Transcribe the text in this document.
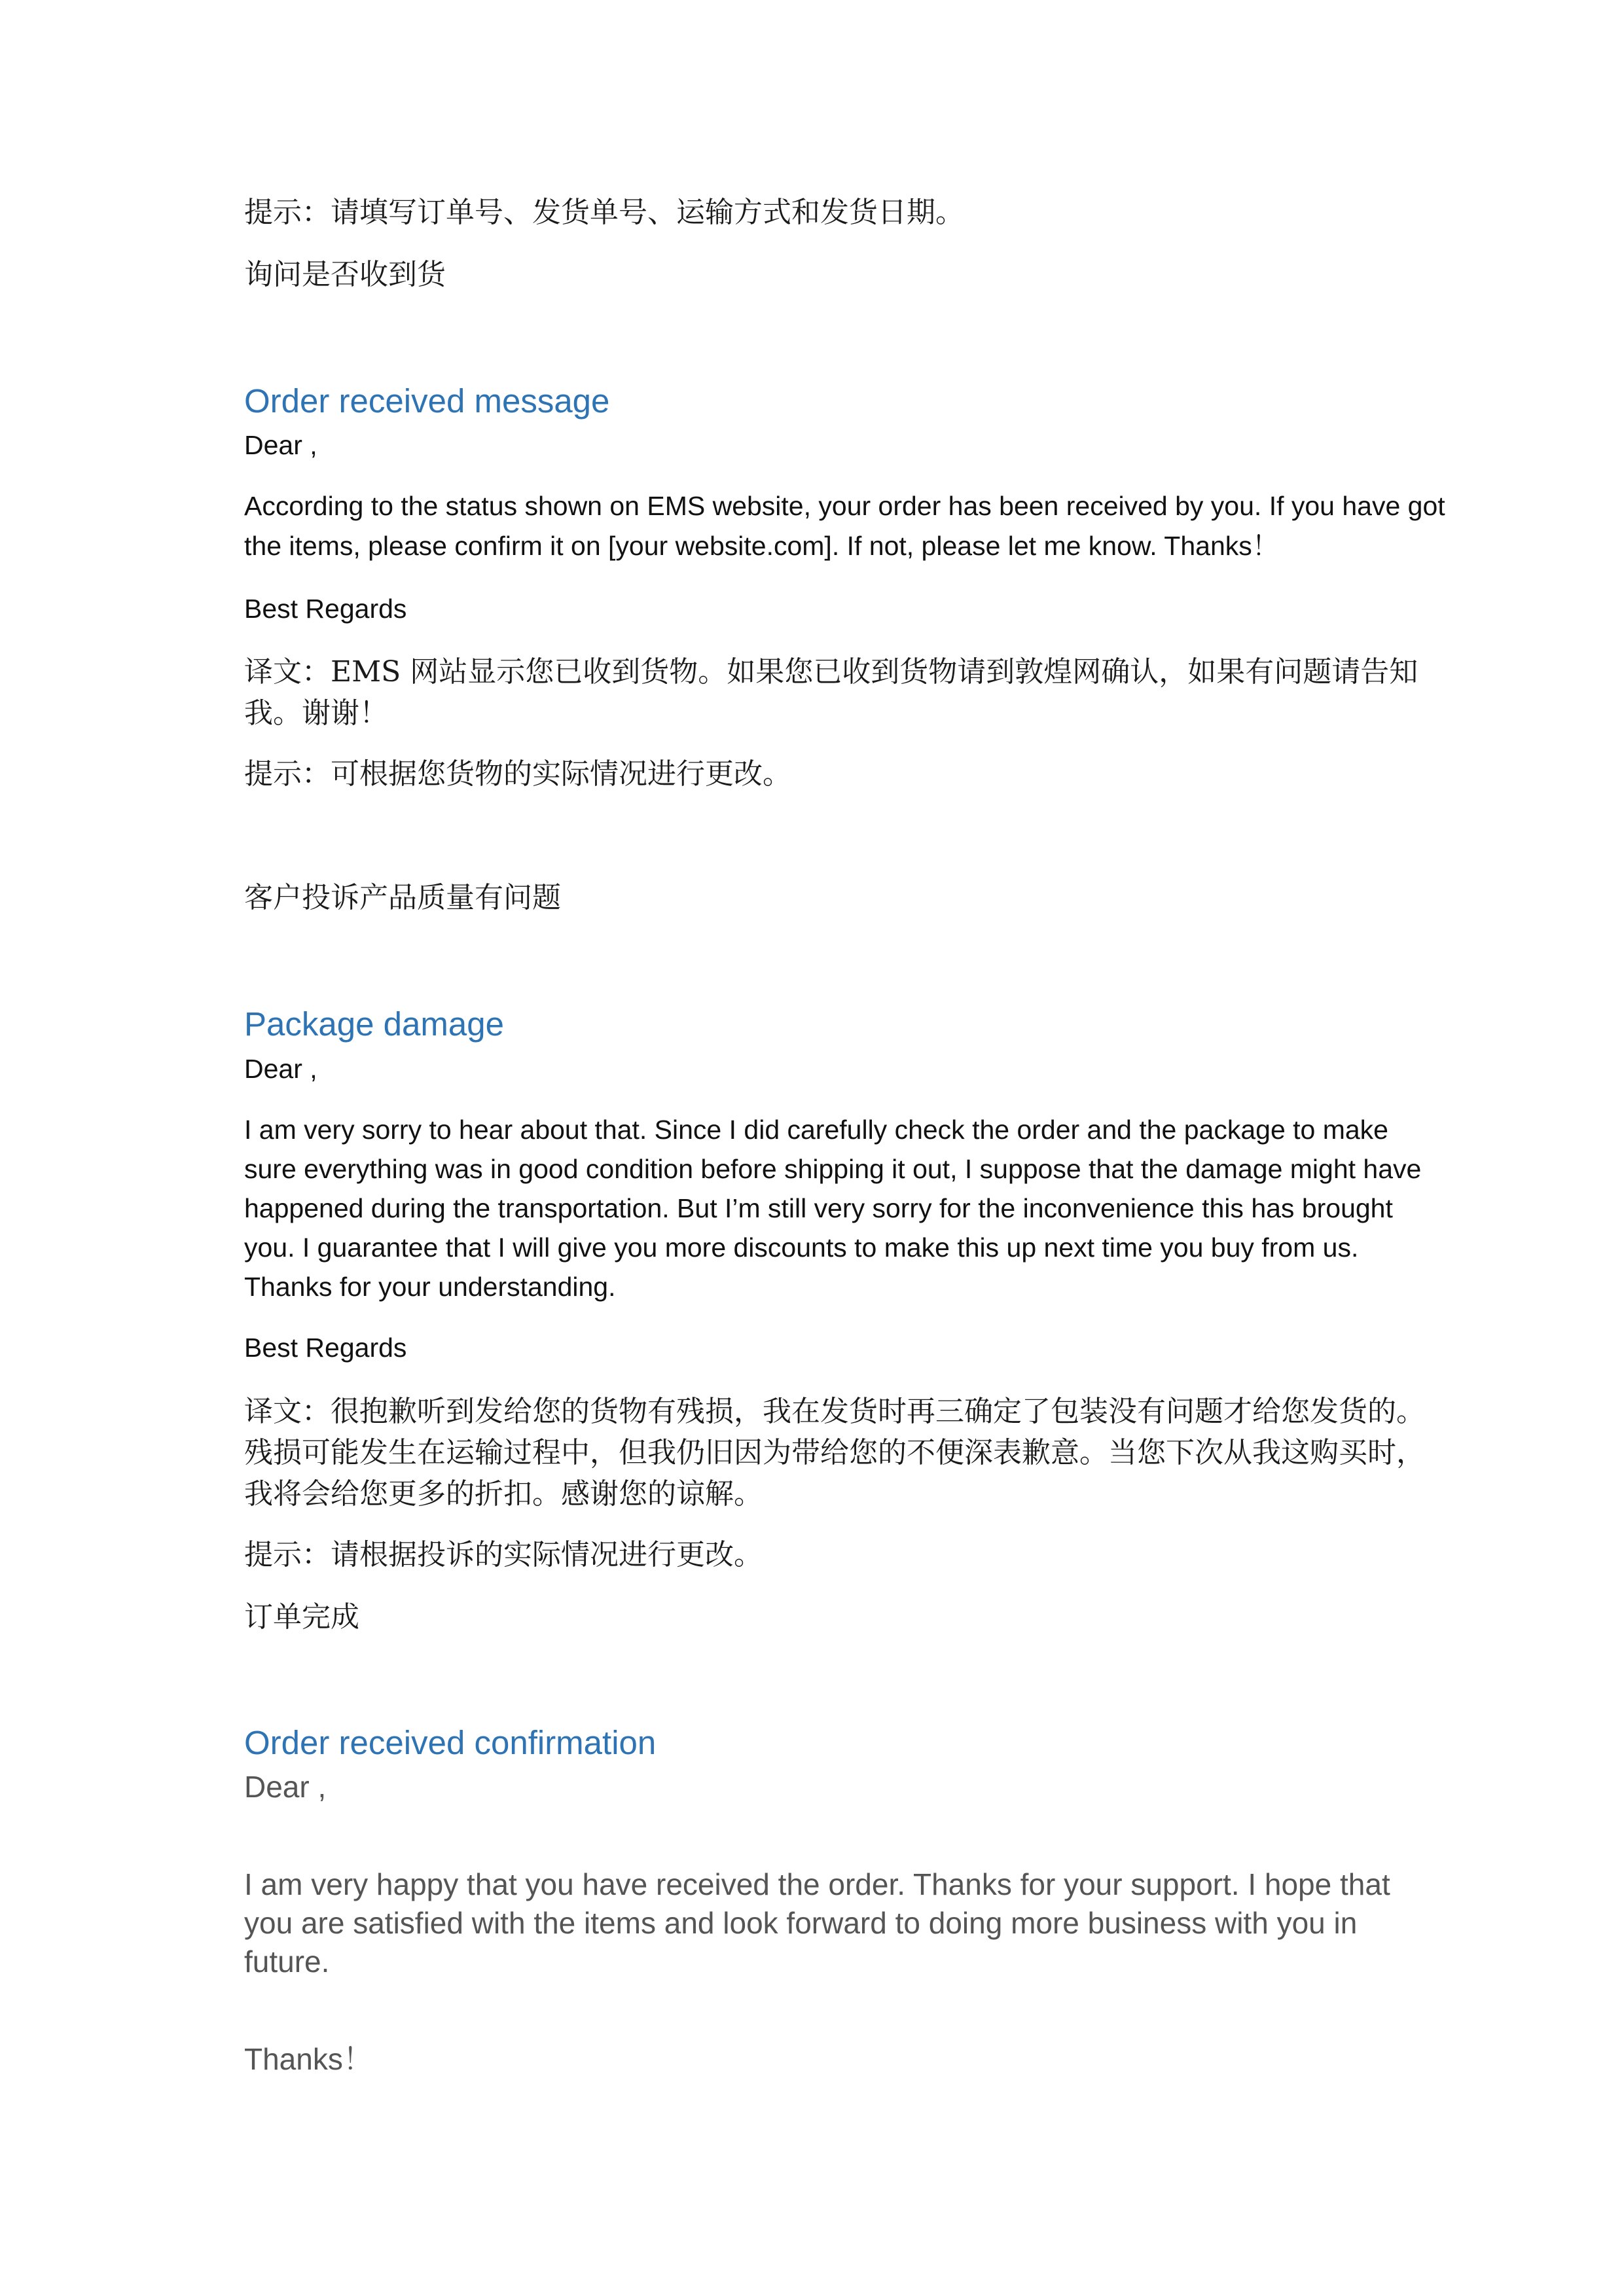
提示：请填写订单号、发货单号、运输方式和发货日期。

询问是否收到货

Order received message

Dear ,

According to the status shown on EMS website, your order has been received by you. If you have got the items, please confirm it on [your website.com]. If not, please let me know. Thanks！

Best Regards

译文：EMS 网站显示您已收到货物。如果您已收到货物请到敦煌网确认，如果有问题请告知我。谢谢！

提示：可根据您货物的实际情况进行更改。

客户投诉产品质量有问题

Package damage

Dear ,

I am very sorry to hear about that. Since I did carefully check the order and the package to make sure everything was in good condition before shipping it out, I suppose that the damage might have happened during the transportation. But I’m still very sorry for the inconvenience this has brought you. I guarantee that I will give you more discounts to make this up next time you buy from us. Thanks for your understanding.

Best Regards

译文：很抱歉听到发给您的货物有残损，我在发货时再三确定了包装没有问题才给您发货的。残损可能发生在运输过程中，但我仍旧因为带给您的不便深表歉意。当您下次从我这购买时，我将会给您更多的折扣。感谢您的谅解。

提示：请根据投诉的实际情况进行更改。

订单完成

Order received confirmation

Dear ,

I am very happy that you have received the order. Thanks for your support. I hope that you are satisfied with the items and look forward to doing more business with you in future.

Thanks！
